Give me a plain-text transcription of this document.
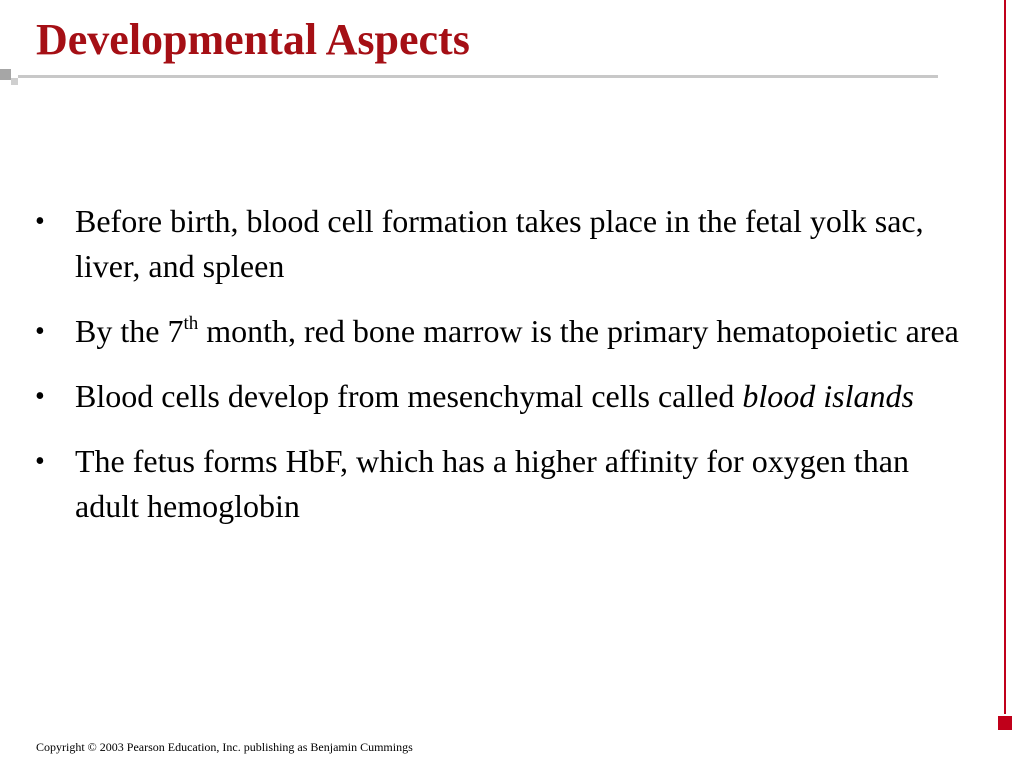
Developmental Aspects
• Before birth, blood cell formation takes place in the fetal yolk sac, liver, and spleen
• By the 7th month, red bone marrow is the primary hematopoietic area
• Blood cells develop from mesenchymal cells called blood islands
• The fetus forms HbF, which has a higher affinity for oxygen than adult hemoglobin
Copyright © 2003 Pearson Education, Inc. publishing as Benjamin Cummings
